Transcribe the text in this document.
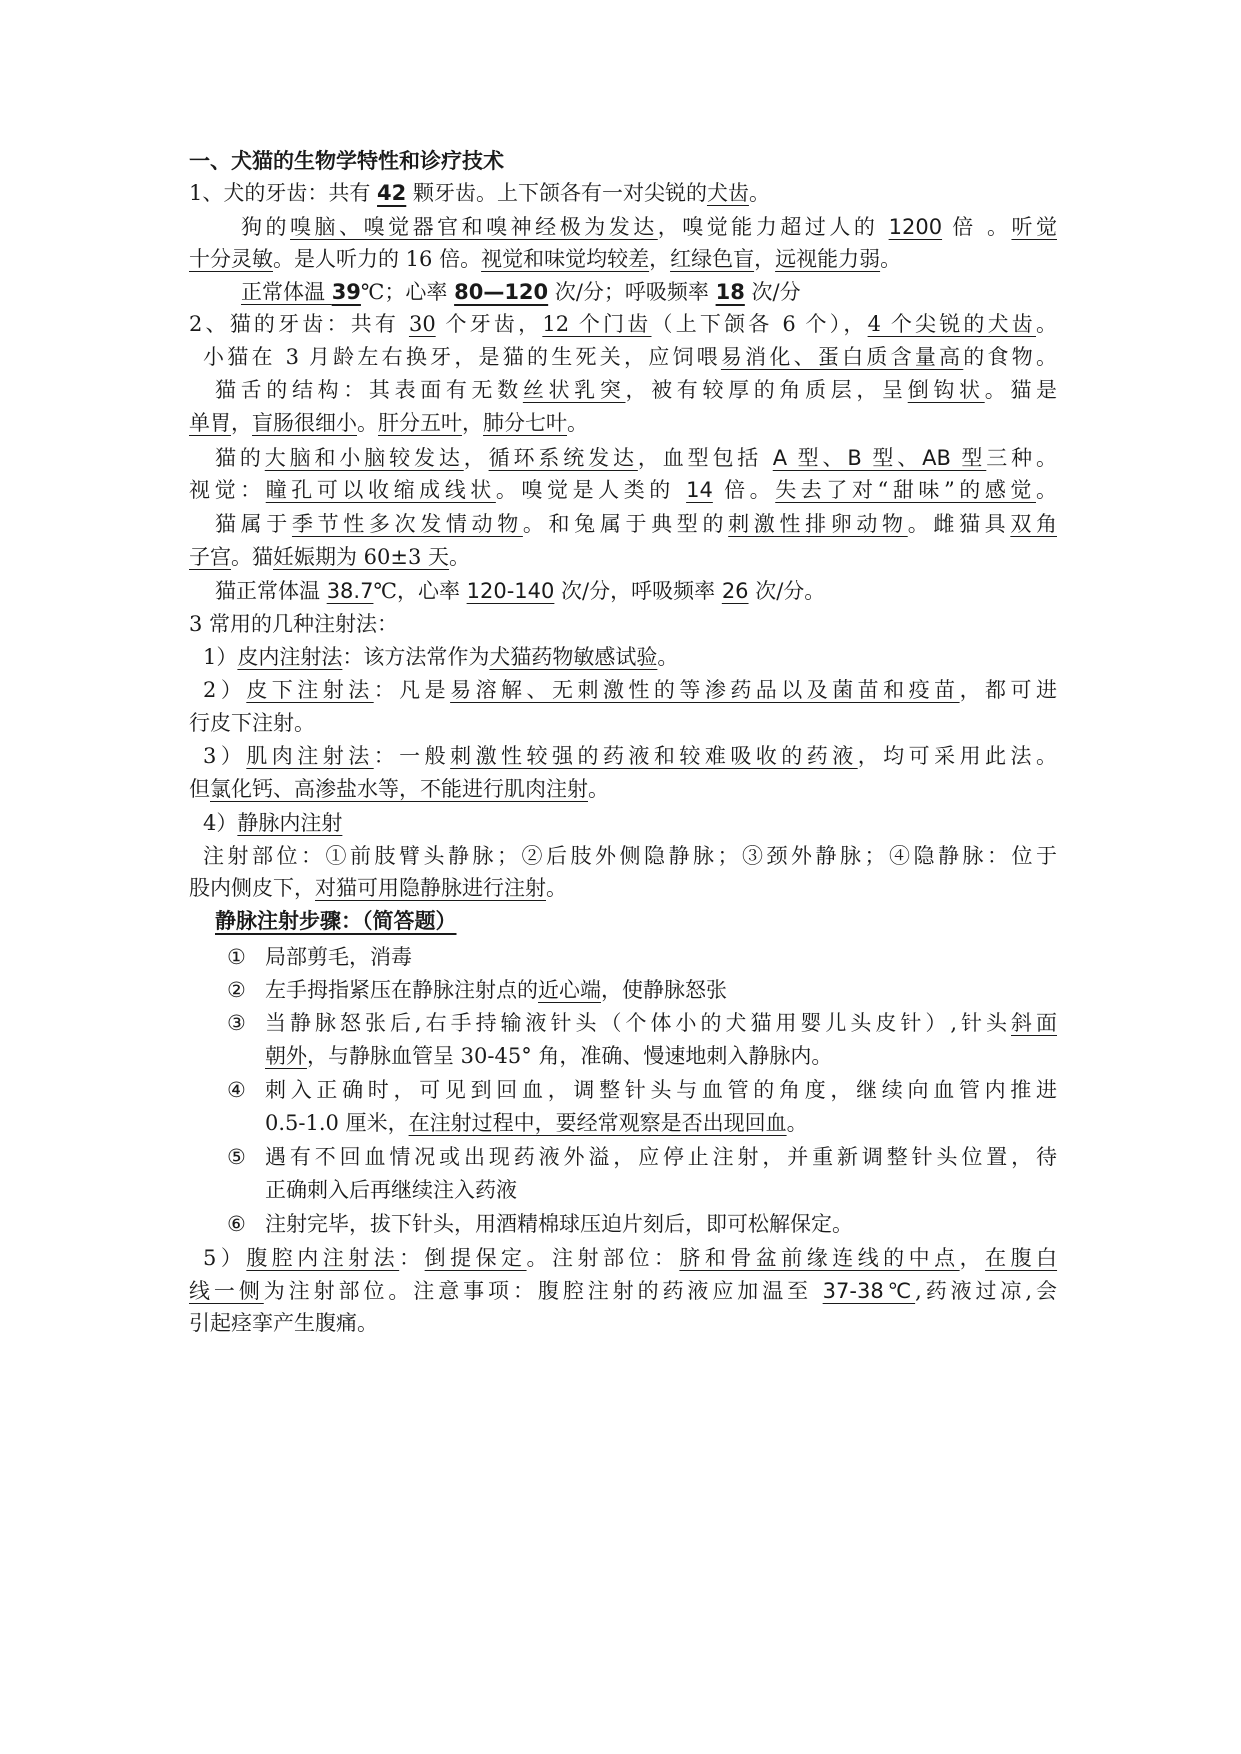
一、犬猫的生物学特性和诊疗技术
1、犬的牙齿：共有 42 颗牙齿。上下颌各有一对尖锐的犬齿。
狗的嗅脑、嗅觉器官和嗅神经极为发达，嗅觉能力超过人的 1200 倍 。听觉
十分灵敏。是人听力的 16 倍。视觉和味觉均较差，红绿色盲，远视能力弱。
正常体温 39℃；心率 80—120 次/分；呼吸频率 18 次/分
2、猫的牙齿：共有 30 个牙齿，12 个门齿（上下颌各 6 个），4 个尖锐的犬齿。
小猫在 3 月龄左右换牙，是猫的生死关，应饲喂易消化、蛋白质含量高的食物。
猫舌的结构：其表面有无数丝状乳突，被有较厚的角质层，呈倒钩状。猫是
单胃，盲肠很细小。肝分五叶，肺分七叶。
猫的大脑和小脑较发达，循环系统发达，血型包括 A 型、B 型、AB 型三种。
视觉：瞳孔可以收缩成线状。嗅觉是人类的 14 倍。失去了对“甜味”的感觉。
猫属于季节性多次发情动物。和兔属于典型的刺激性排卵动物。雌猫具双角
子宫。猫妊娠期为 60±3 天。
猫正常体温 38.7℃，心率 120-140 次/分，呼吸频率 26 次/分。
3 常用的几种注射法：
1）皮内注射法：该方法常作为犬猫药物敏感试验。
2）皮下注射法：凡是易溶解、无刺激性的等渗药品以及菌苗和疫苗，都可进
行皮下注射。
3）肌肉注射法：一般刺激性较强的药液和较难吸收的药液，均可采用此法。
但氯化钙、高渗盐水等，不能进行肌肉注射。
4）静脉内注射
注射部位：①前肢臂头静脉；②后肢外侧隐静脉；③颈外静脉；④隐静脉：位于
股内侧皮下，对猫可用隐静脉进行注射。
静脉注射步骤：（简答题）
① 局部剪毛，消毒
② 左手拇指紧压在静脉注射点的近心端，使静脉怒张
③ 当静脉怒张后,右手持输液针头（个体小的犬猫用婴儿头皮针）,针头斜面
朝外，与静脉血管呈 30-45° 角，准确、慢速地刺入静脉内。
④ 刺入正确时，可见到回血，调整针头与血管的角度，继续向血管内推进
0.5-1.0 厘米，在注射过程中，要经常观察是否出现回血。
⑤ 遇有不回血情况或出现药液外溢，应停止注射，并重新调整针头位置，待
正确刺入后再继续注入药液
⑥ 注射完毕，拔下针头，用酒精棉球压迫片刻后，即可松解保定。
5）腹腔内注射法：倒提保定。注射部位：脐和骨盆前缘连线的中点，在腹白
线一侧为注射部位。注意事项：腹腔注射的药液应加温至 37-38℃,药液过凉,会
引起痉挛产生腹痛。
